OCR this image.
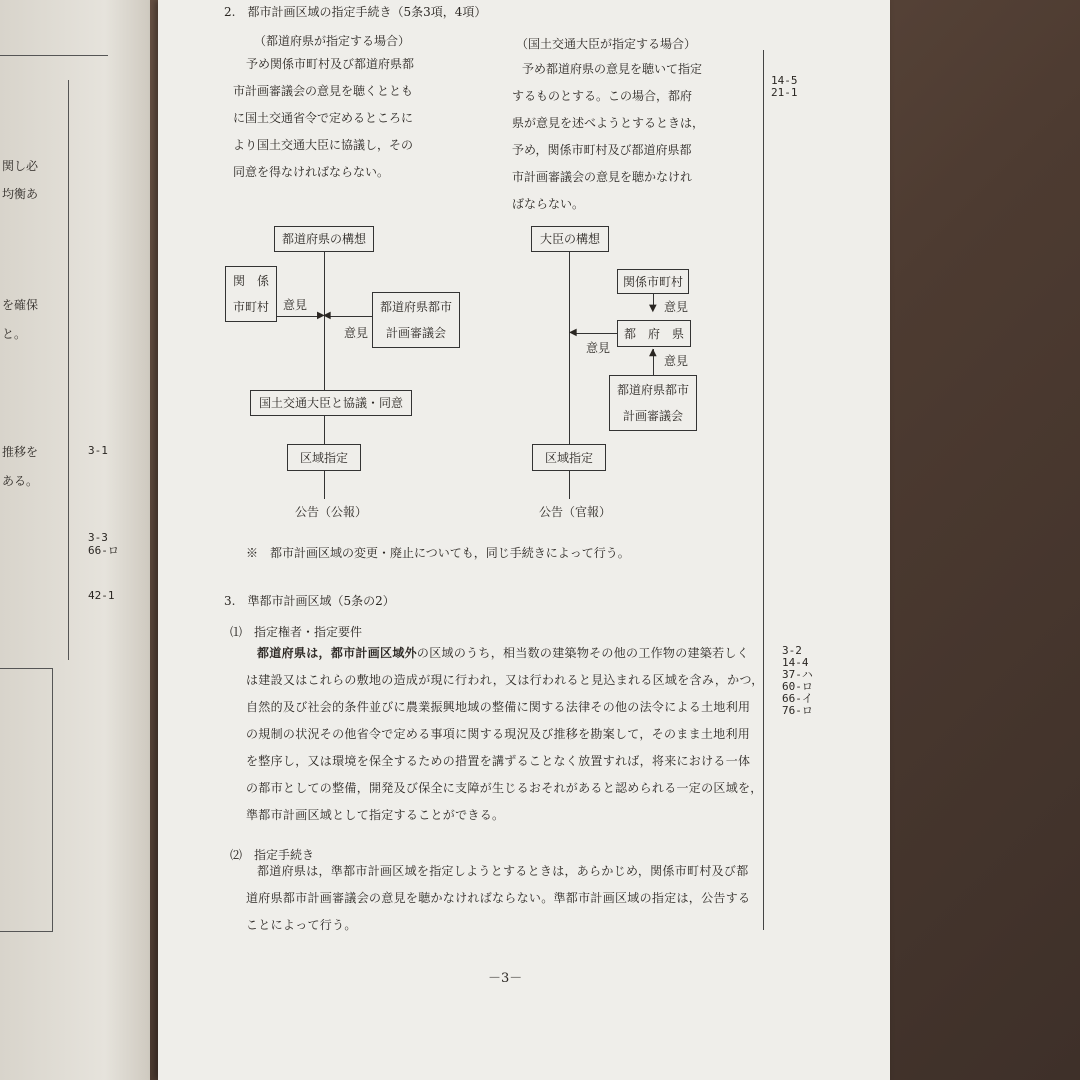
関し必
均衡あ
を確保
と。
推移を
ある。
3-1
3-3
66-ロ
42-1
2.　都市計画区域の指定手続き（5条3項，4項）
（都道府県が指定する場合）
予め関係市町村及び都道府県都
市計画審議会の意見を聴くととも
に国土交通省令で定めるところに
より国土交通大臣に協議し，その
同意を得なければならない。
（国土交通大臣が指定する場合）
予め都道府県の意見を聴いて指定
するものとする。この場合，都府
県が意見を述べようとするときは，
予め，関係市町村及び都道府県都
市計画審議会の意見を聴かなけれ
ばならない。
14-5
21-1
都道府県の構想
関　係
市町村	意見
▶
都道府県都市
計画審議会
◀
意見
国土交通大臣と協議・同意
区域指定
公告（公報）
大臣の構想
関係市町村
▼ 意見
都　府　県
◀
意見	▲
意見
都道府県都市
計画審議会
区域指定
公告（官報）
※　都市計画区域の変更・廃止についても，同じ手続きによって行う。
3.　準都市計画区域（5条の2）
⑴　指定権者・指定要件
都道府県は，都市計画区域外の区域のうち，相当数の建築物その他の工作物の建築若しく
は建設又はこれらの敷地の造成が現に行われ，又は行われると見込まれる区域を含み，かつ，
自然的及び社会的条件並びに農業振興地域の整備に関する法律その他の法令による土地利用
の規制の状況その他省令で定める事項に関する現況及び推移を勘案して，そのまま土地利用
を整序し，又は環境を保全するための措置を講ずることなく放置すれば，将来における一体
の都市としての整備，開発及び保全に支障が生じるおそれがあると認められる一定の区域を，
準都市計画区域として指定することができる。
3-2
14-4
37-ハ
60-ロ
66-イ
76-ロ
⑵　指定手続き
都道府県は，準都市計画区域を指定しようとするときは，あらかじめ，関係市町村及び都
道府県都市計画審議会の意見を聴かなければならない。準都市計画区域の指定は，公告する
ことによって行う。
－3－
